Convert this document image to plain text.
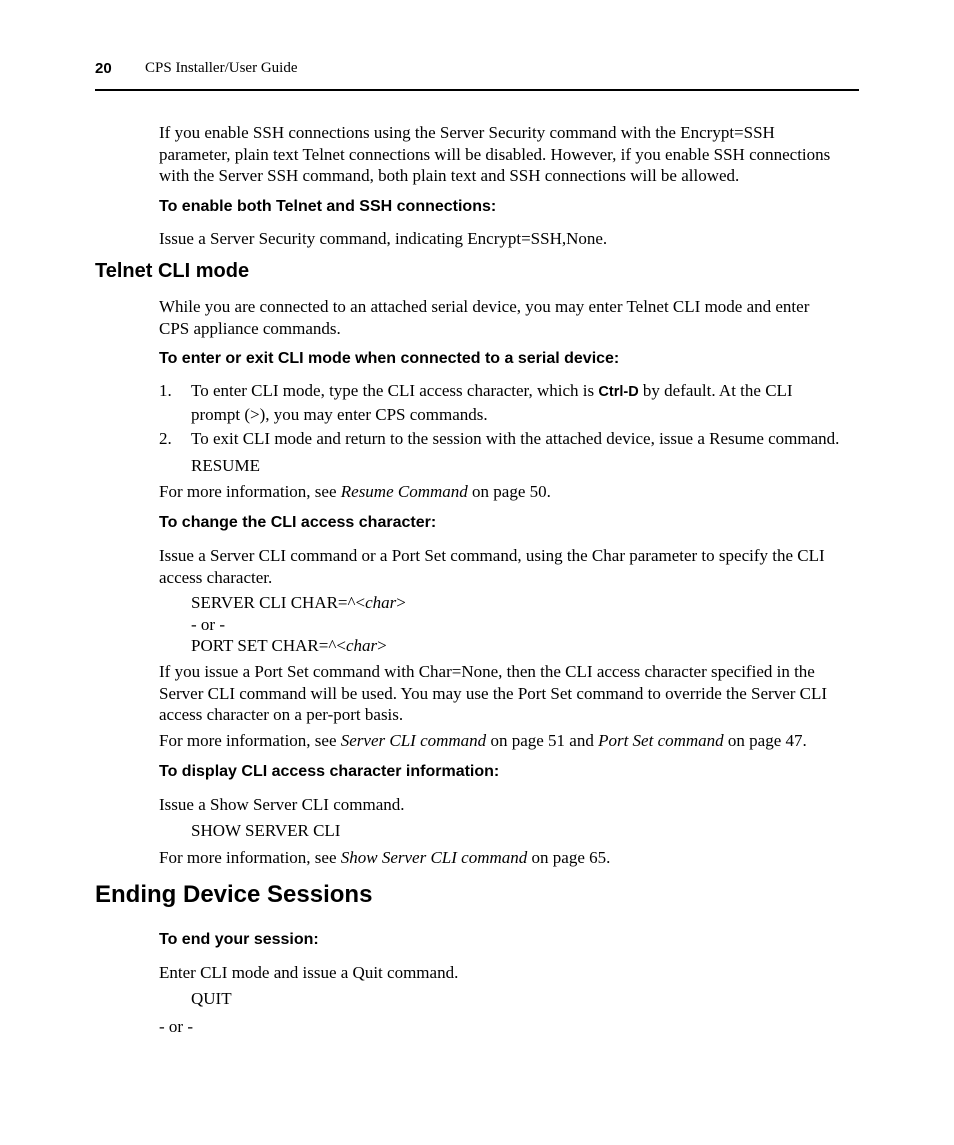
20 CPS Installer/User Guide
If you enable SSH connections using the Server Security command with the Encrypt=SSH
parameter, plain text Telnet connections will be disabled. However, if you enable SSH connections
with the Server SSH command, both plain text and SSH connections will be allowed.
To enable both Telnet and SSH connections:
Issue a Server Security command, indicating Encrypt=SSH,None.
Telnet CLI mode
While you are connected to an attached serial device, you may enter Telnet CLI mode and enter
CPS appliance commands.
To enter or exit CLI mode when connected to a serial device:
1. To enter CLI mode, type the CLI access character, which is Ctrl-D by default. At the CLI
prompt (>), you may enter CPS commands.
2. To exit CLI mode and return to the session with the attached device, issue a Resume command.
RESUME
For more information, see Resume Command on page 50.
To change the CLI access character:
Issue a Server CLI command or a Port Set command, using the Char parameter to specify the CLI
access character.
SERVER CLI CHAR=^<char>
- or -
PORT SET CHAR=^<char>
If you issue a Port Set command with Char=None, then the CLI access character specified in the
Server CLI command will be used. You may use the Port Set command to override the Server CLI
access character on a per-port basis.
For more information, see Server CLI command on page 51 and Port Set command on page 47.
To display CLI access character information:
Issue a Show Server CLI command.
SHOW SERVER CLI
For more information, see Show Server CLI command on page 65.
Ending Device Sessions
To end your session:
Enter CLI mode and issue a Quit command.
QUIT
- or -
